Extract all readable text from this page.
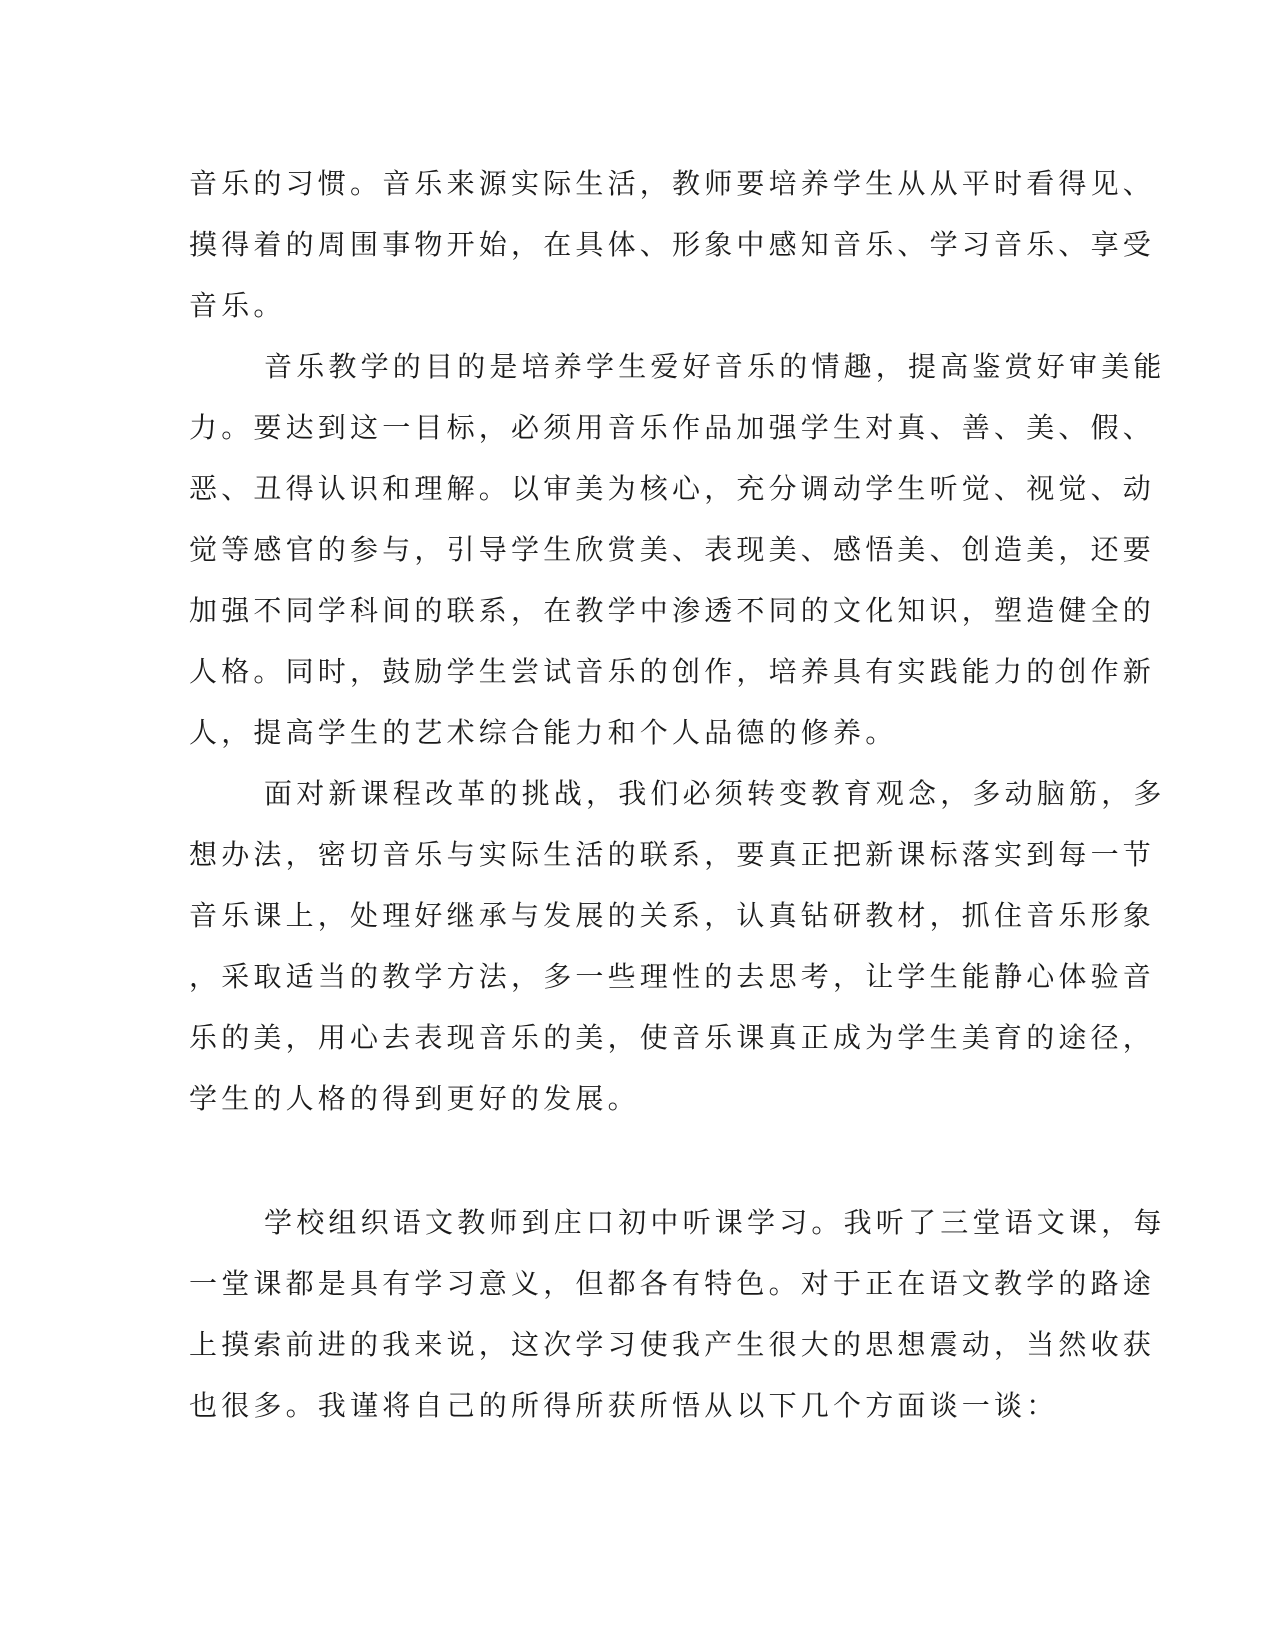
音乐的习惯。音乐来源实际生活，教师要培养学生从从平时看得见、
摸得着的周围事物开始，在具体、形象中感知音乐、学习音乐、享受
音乐。
音乐教学的目的是培养学生爱好音乐的情趣，提高鉴赏好审美能
力。要达到这一目标，必须用音乐作品加强学生对真、善、美、假、
恶、丑得认识和理解。以审美为核心，充分调动学生听觉、视觉、动
觉等感官的参与，引导学生欣赏美、表现美、感悟美、创造美，还要
加强不同学科间的联系，在教学中渗透不同的文化知识，塑造健全的
人格。同时，鼓励学生尝试音乐的创作，培养具有实践能力的创作新
人，提高学生的艺术综合能力和个人品德的修养。
面对新课程改革的挑战，我们必须转变教育观念，多动脑筋，多
想办法，密切音乐与实际生活的联系，要真正把新课标落实到每一节
音乐课上，处理好继承与发展的关系，认真钻研教材，抓住音乐形象
，采取适当的教学方法，多一些理性的去思考，让学生能静心体验音
乐的美，用心去表现音乐的美，使音乐课真正成为学生美育的途径，
学生的人格的得到更好的发展。
学校组织语文教师到庄口初中听课学习。我听了三堂语文课，每
一堂课都是具有学习意义，但都各有特色。对于正在语文教学的路途
上摸索前进的我来说，这次学习使我产生很大的思想震动，当然收获
也很多。我谨将自己的所得所获所悟从以下几个方面谈一谈：
